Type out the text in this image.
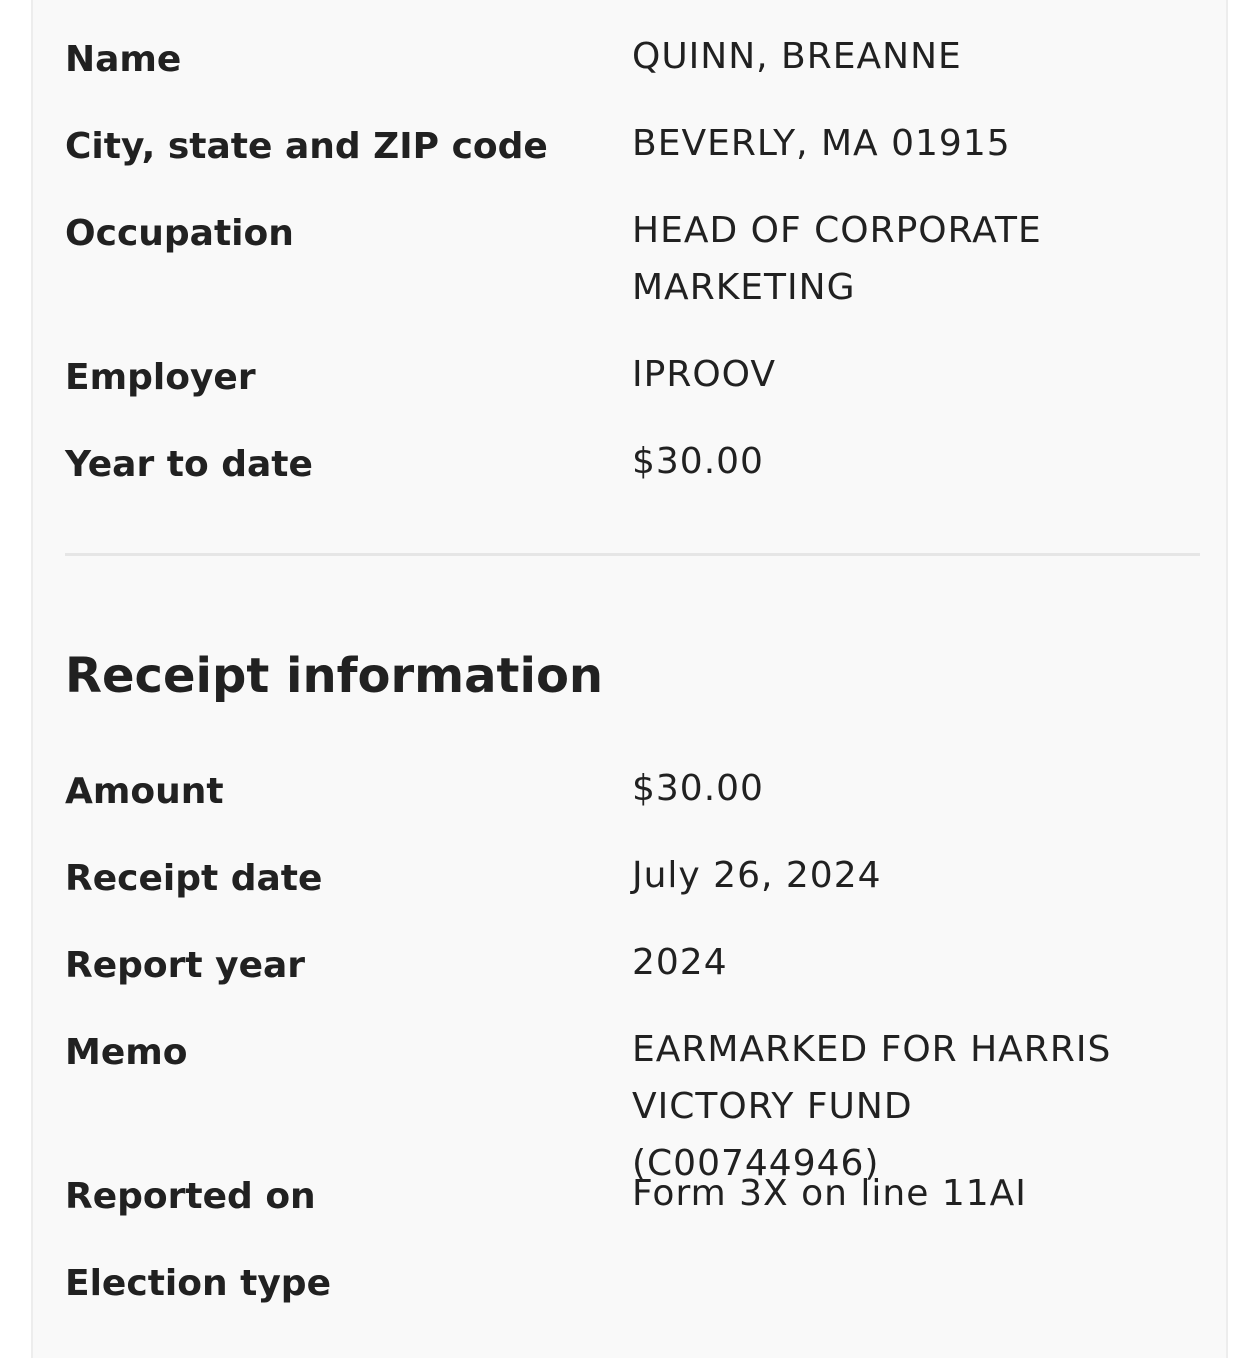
Name	QUINN, BREANNE
City, state and ZIP code	BEVERLY, MA 01915
Occupation	HEAD OF CORPORATE MARKETING
Employer	IPROOV
Year to date	$30.00
Receipt information
Amount	$30.00
Receipt date	July 26, 2024
Report year	2024
Memo	EARMARKED FOR HARRIS VICTORY FUND (C00744946)
Reported on	Form 3X on line 11AI
Election type
